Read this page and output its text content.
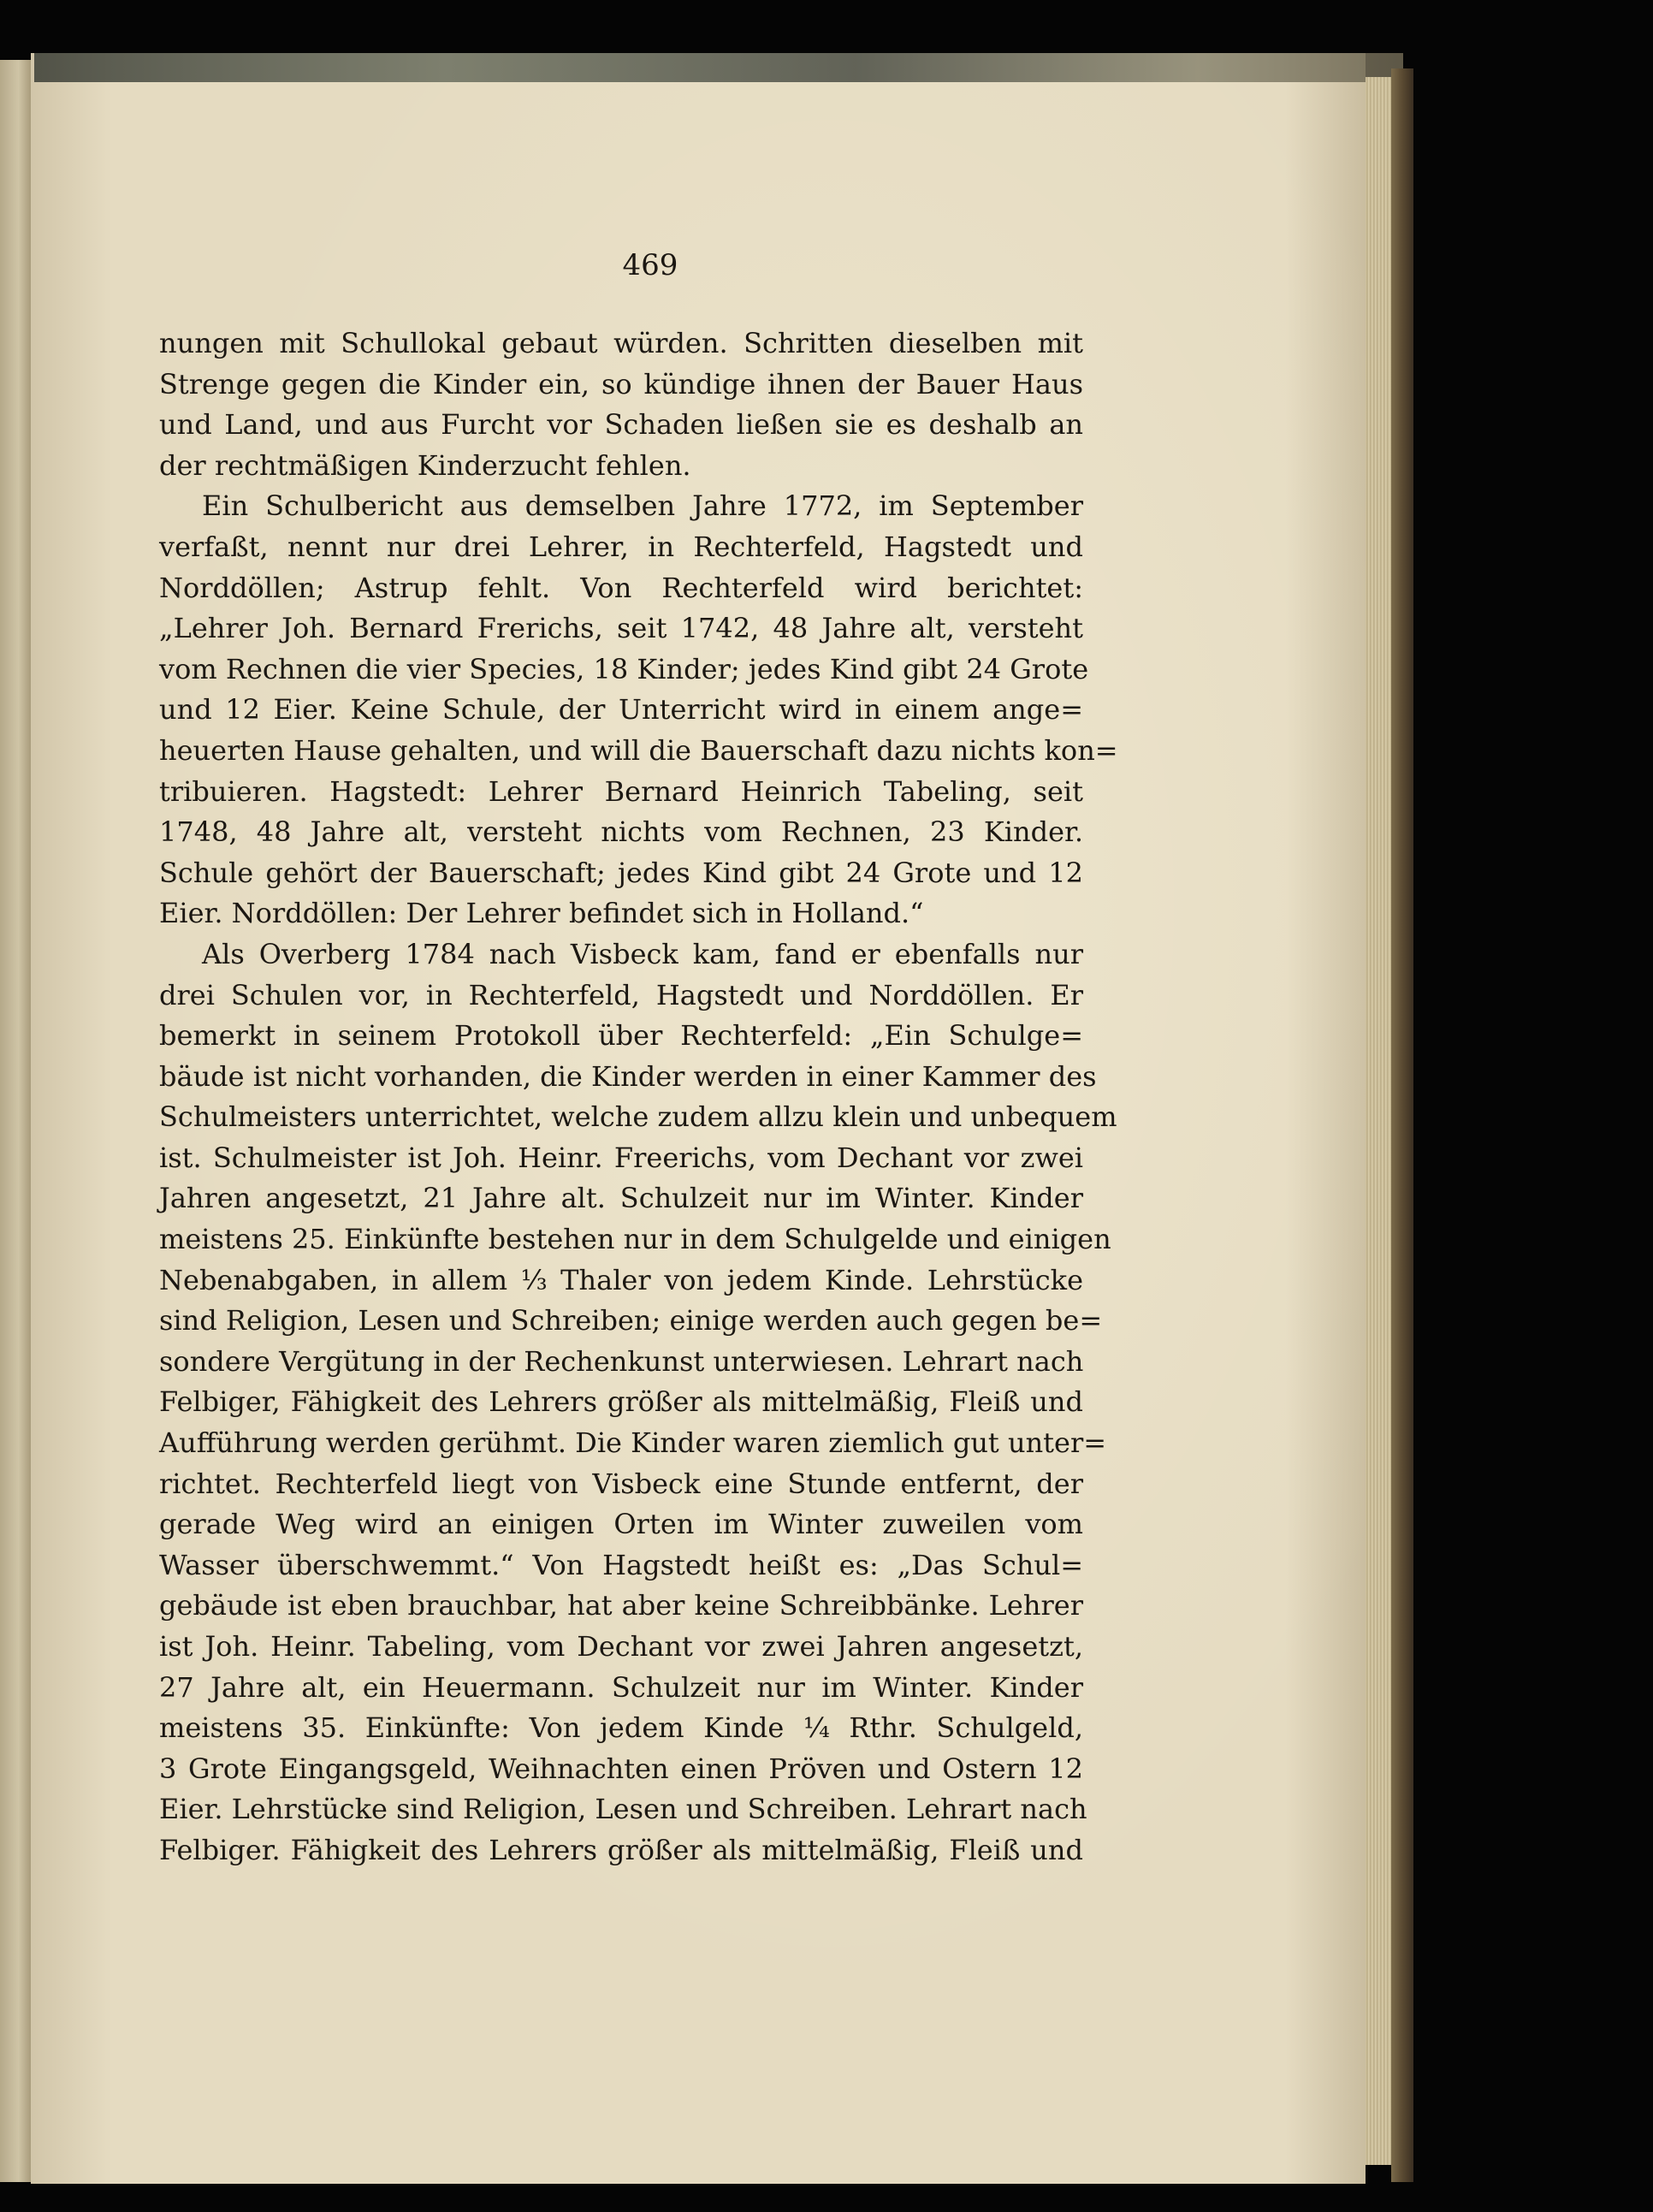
469
nungen mit Schullokal gebaut würden. Schritten dieselben mit
Strenge gegen die Kinder ein, so kündige ihnen der Bauer Haus
und Land, und aus Furcht vor Schaden ließen sie es deshalb an
der rechtmäßigen Kinderzucht fehlen.
Ein Schulbericht aus demselben Jahre 1772, im September
verfaßt, nennt nur drei Lehrer, in Rechterfeld, Hagstedt und
Norddöllen; Astrup fehlt. Von Rechterfeld wird berichtet:
„Lehrer Joh. Bernard Frerichs, seit 1742, 48 Jahre alt, versteht
vom Rechnen die vier Species, 18 Kinder; jedes Kind gibt 24 Grote
und 12 Eier. Keine Schule, der Unterricht wird in einem ange=
heuerten Hause gehalten, und will die Bauerschaft dazu nichts kon=
tribuieren. Hagstedt: Lehrer Bernard Heinrich Tabeling, seit
1748, 48 Jahre alt, versteht nichts vom Rechnen, 23 Kinder.
Schule gehört der Bauerschaft; jedes Kind gibt 24 Grote und 12
Eier. Norddöllen: Der Lehrer befindet sich in Holland.“
Als Overberg 1784 nach Visbeck kam, fand er ebenfalls nur
drei Schulen vor, in Rechterfeld, Hagstedt und Norddöllen. Er
bemerkt in seinem Protokoll über Rechterfeld: „Ein Schulge=
bäude ist nicht vorhanden, die Kinder werden in einer Kammer des
Schulmeisters unterrichtet, welche zudem allzu klein und unbequem
ist. Schulmeister ist Joh. Heinr. Freerichs, vom Dechant vor zwei
Jahren angesetzt, 21 Jahre alt. Schulzeit nur im Winter. Kinder
meistens 25. Einkünfte bestehen nur in dem Schulgelde und einigen
Nebenabgaben, in allem ⅓ Thaler von jedem Kinde. Lehrstücke
sind Religion, Lesen und Schreiben; einige werden auch gegen be=
sondere Vergütung in der Rechenkunst unterwiesen. Lehrart nach
Felbiger, Fähigkeit des Lehrers größer als mittelmäßig, Fleiß und
Aufführung werden gerühmt. Die Kinder waren ziemlich gut unter=
richtet. Rechterfeld liegt von Visbeck eine Stunde entfernt, der
gerade Weg wird an einigen Orten im Winter zuweilen vom
Wasser überschwemmt.“ Von Hagstedt heißt es: „Das Schul=
gebäude ist eben brauchbar, hat aber keine Schreibbänke. Lehrer
ist Joh. Heinr. Tabeling, vom Dechant vor zwei Jahren angesetzt,
27 Jahre alt, ein Heuermann. Schulzeit nur im Winter. Kinder
meistens 35. Einkünfte: Von jedem Kinde ¼ Rthr. Schulgeld,
3 Grote Eingangsgeld, Weihnachten einen Pröven und Ostern 12
Eier. Lehrstücke sind Religion, Lesen und Schreiben. Lehrart nach
Felbiger. Fähigkeit des Lehrers größer als mittelmäßig, Fleiß und
